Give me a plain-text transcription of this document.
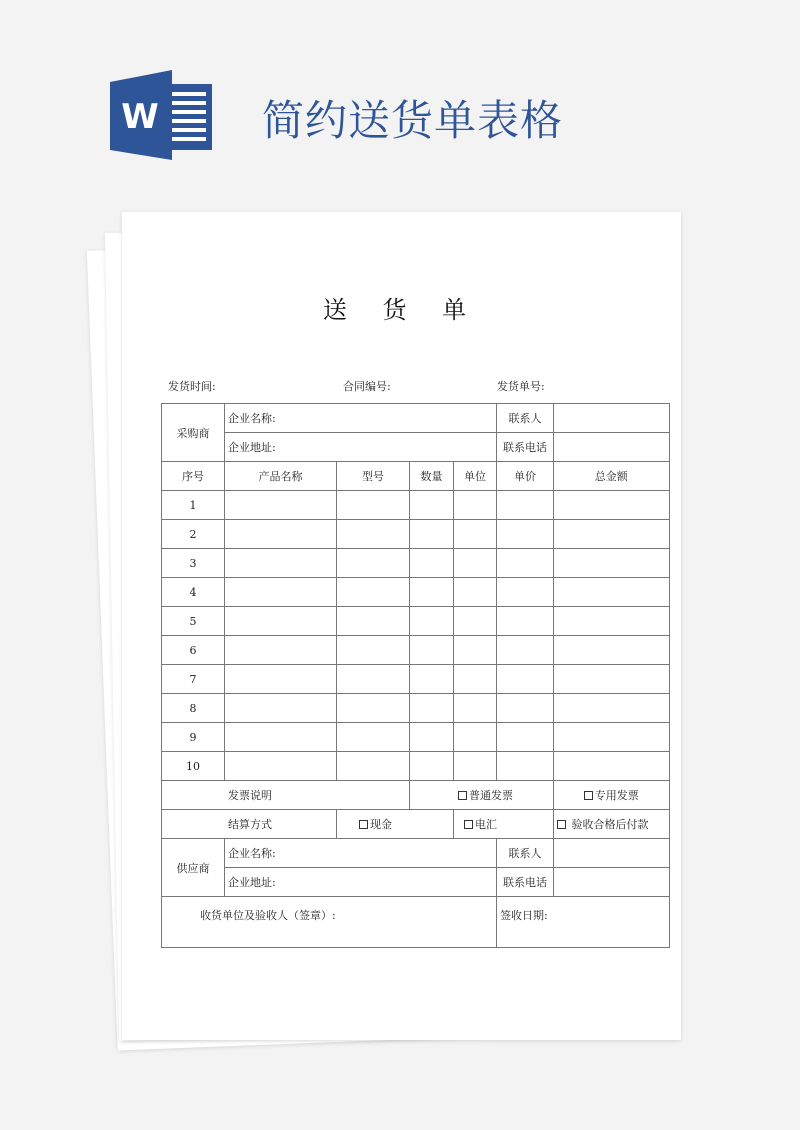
W 简约送货单表格
送 货 单
发货时间:	合同编号:	发货单号:
采购商	企业名称:				联系人	
	企业地址:				联系电话	
序号	产品名称	型号	数量	单位	单价	总金额
1						
2						
3						
4						
5						
6						
7						
8						
9						
10						
发票说明			普通发票			专用发票
结算方式		现金		电汇		验收合格后付款
供应商	企业名称:				联系人	
	企业地址:				联系电话	
收货单位及验收人（签章）:					签收日期:	
